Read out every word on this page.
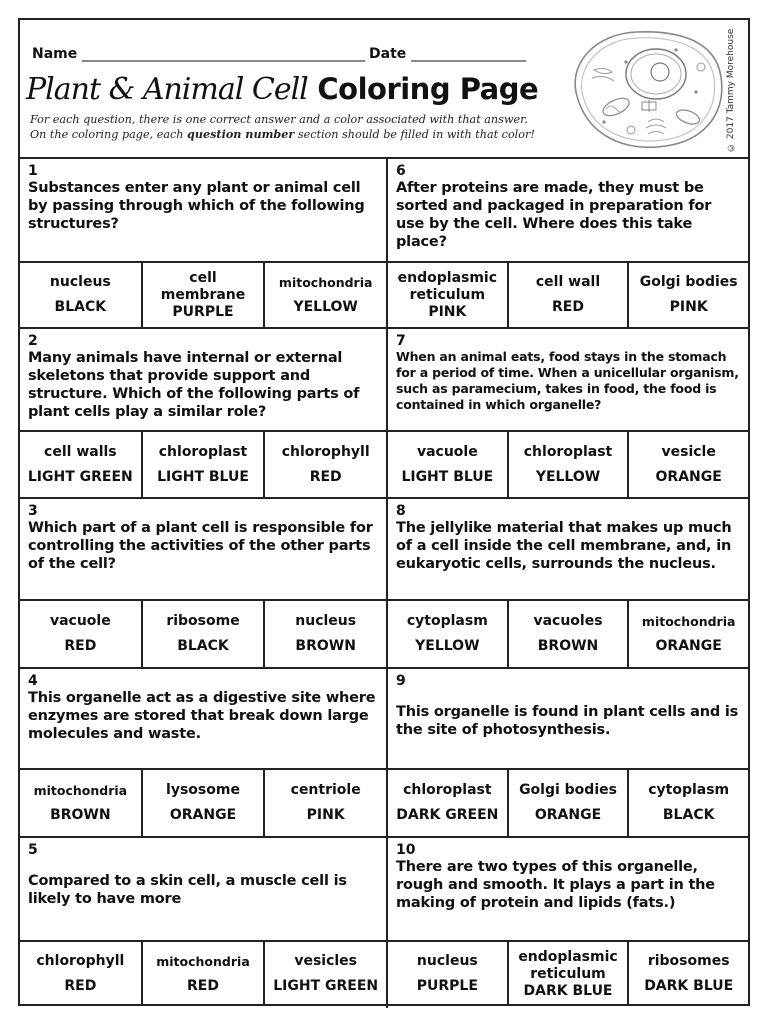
Name _______________________________________________ Date ___________________
Plant & Animal Cell Coloring Page
For each question, there is one correct answer and a color associated with that answer.
On the coloring page, each question number section should be filled in with that color!	© 2017 Tammy Morehouse
1
Substances enter any plant or animal cell by passing through which of the following structures?
nucleus
BLACK
cell membrane
PURPLE
mitochondria
YELLOW
6
After proteins are made, they must be sorted and packaged in preparation for use by the cell. Where does this take place?
endoplasmic reticulum
PINK
cell wall
RED
Golgi bodies
PINK
2
Many animals have internal or external skeletons that provide support and structure. Which of the following parts of plant cells play a similar role?
cell walls
LIGHT GREEN
chloroplast
LIGHT BLUE
chlorophyll
RED
7
When an animal eats, food stays in the stomach for a period of time. When a unicellular organism, such as paramecium, takes in food, the food is contained in which organelle?
vacuole
LIGHT BLUE
chloroplast
YELLOW
vesicle
ORANGE
3
Which part of a plant cell is responsible for controlling the activities of the other parts of the cell?
vacuole
RED
ribosome
BLACK
nucleus
BROWN
8
The jellylike material that makes up much of a cell inside the cell membrane, and, in eukaryotic cells, surrounds the nucleus.
cytoplasm
YELLOW
vacuoles
BROWN
mitochondria
ORANGE
4
This organelle act as a digestive site where enzymes are stored that break down large molecules and waste.
mitochondria
BROWN
lysosome
ORANGE
centriole
PINK
9
This organelle is found in plant cells and is the site of photosynthesis.
chloroplast
DARK GREEN
Golgi bodies
ORANGE
cytoplasm
BLACK
5
Compared to a skin cell, a muscle cell is likely to have more
chlorophyll
RED
mitochondria
RED
vesicles
LIGHT GREEN
10
There are two types of this organelle, rough and smooth. It plays a part in the making of protein and lipids (fats.)
nucleus
PURPLE
endoplasmic reticulum
DARK BLUE
ribosomes
DARK BLUE
